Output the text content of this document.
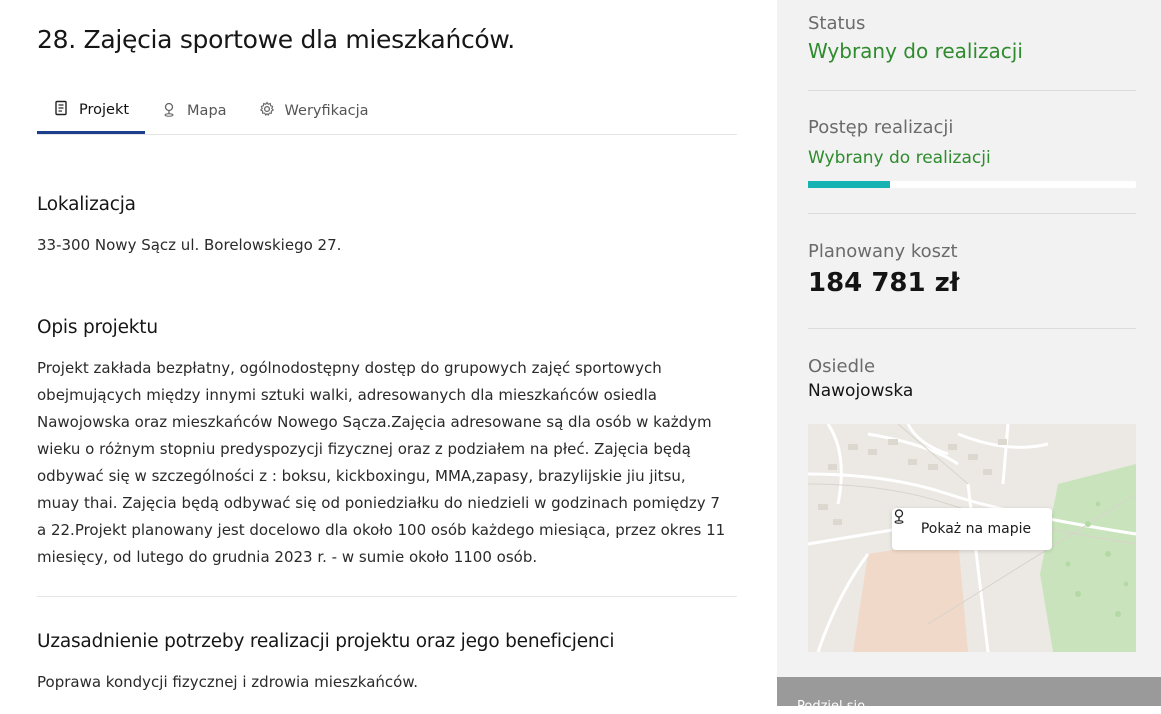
28. Zajęcia sportowe dla mieszkańców.
Projekt	Mapa	Weryfikacja
Lokalizacja

33-300 Nowy Sącz ul. Borelowskiego 27.

Opis projektu

Projekt zakłada bezpłatny, ogólnodostępny dostęp do grupowych zajęć sportowych obejmujących między innymi sztuki walki, adresowanych dla mieszkańców osiedla Nawojowska oraz mieszkańców Nowego Sącza.Zajęcia adresowane są dla osób w każdym wieku o różnym stopniu predyspozycji fizycznej oraz z podziałem na płeć. Zajęcia będą odbywać się w szczególności z : boksu, kickboxingu, MMA,zapasy, brazylijskie jiu jitsu, muay thai. Zajęcia będą odbywać się od poniedziałku do niedzieli w godzinach pomiędzy 7 a 22.Projekt planowany jest docelowo dla około 100 osób każdego miesiąca, przez okres 11 miesięcy, od lutego do grudnia 2023 r. - w sumie około 1100 osób.

Uzasadnienie potrzeby realizacji projektu oraz jego beneficjenci

Poprawa kondycji fizycznej i zdrowia mieszkańców.

Status
Wybrany do realizacji
Postęp realizacji
Wybrany do realizacji
Planowany koszt
184 781 zł
Osiedle
Nawojowska
Pokaż na mapie
Podziel się
